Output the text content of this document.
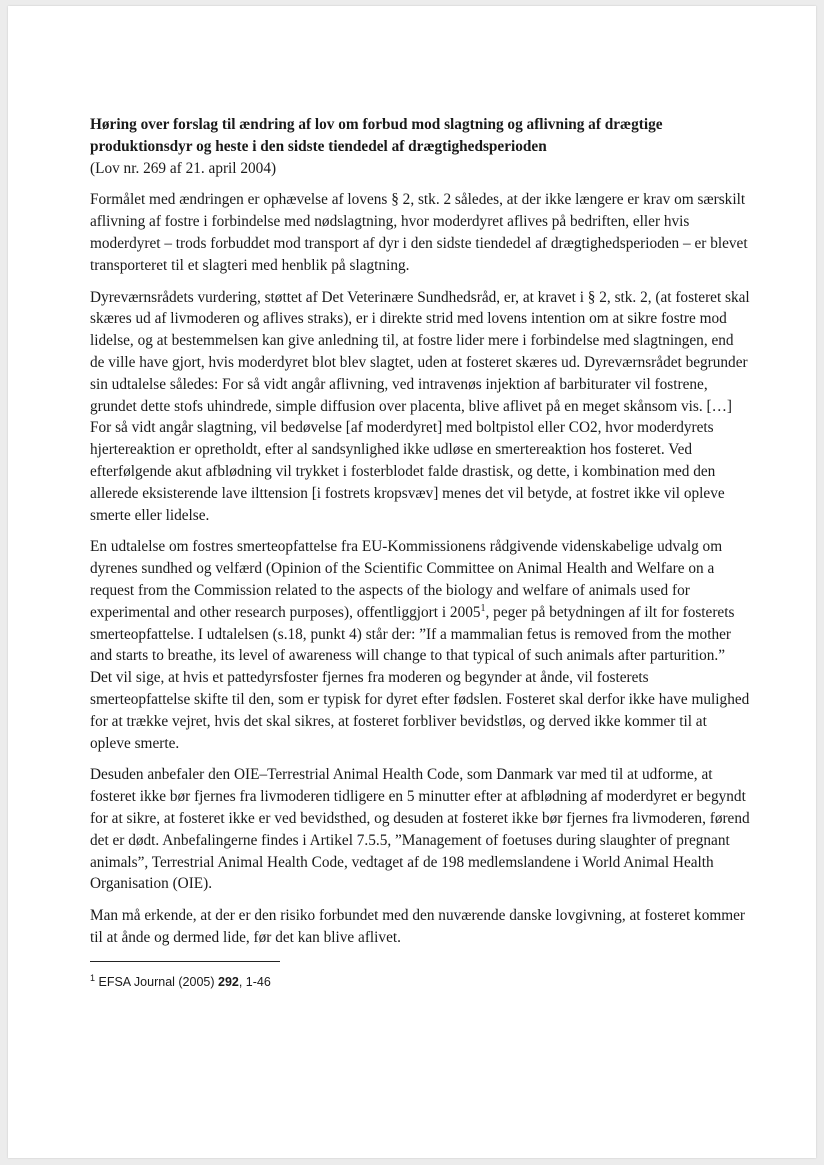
Høring over forslag til ændring af lov om forbud mod slagtning og aflivning af drægtige produktionsdyr og heste i den sidste tiendedel af drægtighedsperioden

(Lov nr. 269 af 21. april 2004)

Formålet med ændringen er ophævelse af lovens § 2, stk. 2 således, at der ikke længere er krav om særskilt aflivning af fostre i forbindelse med nødslagtning, hvor moderdyret aflives på bedriften, eller hvis moderdyret – trods forbuddet mod transport af dyr i den sidste tiendedel af drægtighedsperioden – er blevet transporteret til et slagteri med henblik på slagtning.

Dyreværnsrådets vurdering, støttet af Det Veterinære Sundhedsråd, er, at kravet i § 2, stk. 2, (at fosteret skal skæres ud af livmoderen og aflives straks), er i direkte strid med lovens intention om at sikre fostre mod lidelse, og at bestemmelsen kan give anledning til, at fostre lider mere i forbindelse med slagtningen, end de ville have gjort, hvis moderdyret blot blev slagtet, uden at fosteret skæres ud. Dyreværnsrådet begrunder sin udtalelse således: For så vidt angår aflivning, ved intravenøs injektion af barbiturater vil fostrene, grundet dette stofs uhindrede, simple diffusion over placenta, blive aflivet på en meget skånsom vis. […] For så vidt angår slagtning, vil bedøvelse [af moderdyret] med boltpistol eller CO2, hvor moderdyrets hjertereaktion er opretholdt, efter al sandsynlighed ikke udløse en smertereaktion hos fosteret. Ved efterfølgende akut afblødning vil trykket i fosterblodet falde drastisk, og dette, i kombination med den allerede eksisterende lave ilttension [i fostrets kropsvæv] menes det vil betyde, at fostret ikke vil opleve smerte eller lidelse.

En udtalelse om fostres smerteopfattelse fra EU-Kommissionens rådgivende videnskabelige udvalg om dyrenes sundhed og velfærd (Opinion of the Scientific Committee on Animal Health and Welfare on a request from the Commission related to the aspects of the biology and welfare of animals used for experimental and other research purposes), offentliggjort i 2005$^1$, peger på betydningen af ilt for fosterets smerteopfattelse. I udtalelsen (s.18, punkt 4) står der: ”If a mammalian fetus is removed from the mother and starts to breathe, its level of awareness will change to that typical of such animals after parturition.” Det vil sige, at hvis et pattedyrsfoster fjernes fra moderen og begynder at ånde, vil fosterets smerteopfattelse skifte til den, som er typisk for dyret efter fødslen. Fosteret skal derfor ikke have mulighed for at trække vejret, hvis det skal sikres, at fosteret forbliver bevidstløs, og derved ikke kommer til at opleve smerte.

Desuden anbefaler den OIE–Terrestrial Animal Health Code, som Danmark var med til at udforme, at fosteret ikke bør fjernes fra livmoderen tidligere en 5 minutter efter at afblødning af moderdyret er begyndt for at sikre, at fosteret ikke er ved bevidsthed, og desuden at fosteret ikke bør fjernes fra livmoderen, førend det er dødt. Anbefalingerne findes i Artikel 7.5.5, ”Management of foetuses during slaughter of pregnant animals”, Terrestrial Animal Health Code, vedtaget af de 198 medlemslandene i World Animal Health Organisation (OIE).

Man må erkende, at der er den risiko forbundet med den nuværende danske lovgivning, at fosteret kommer til at ånde og dermed lide, før det kan blive aflivet.

$^1$ EFSA Journal (2005) 292, 1-46
